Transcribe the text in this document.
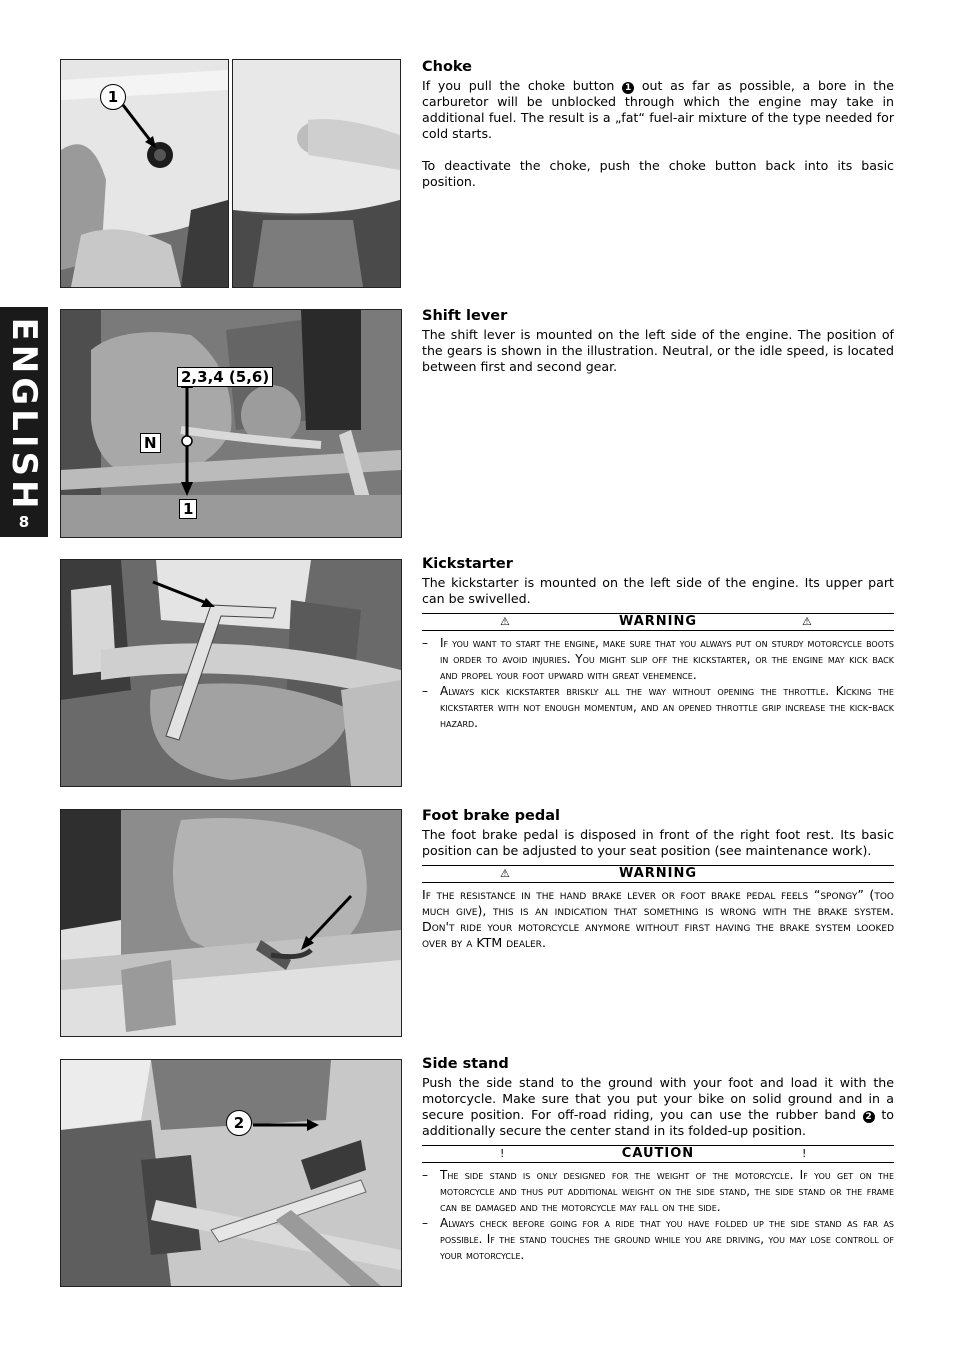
ENGLISH
8
1
2,3,4 (5,6)
N
1
2
Choke

If you pull the choke button 1 out as far as possible, a bore in the carburetor will be unblocked through which the engine may take in additional fuel. The result is a „fat“ fuel-air mixture of the type needed for cold starts.

To deactivate the choke, push the choke button back into its basic position.

Shift lever

The shift lever is mounted on the left side of the engine. The position of the gears is shown in the illustration. Neutral, or the idle speed, is located between first and second gear.

Kickstarter

The kickstarter is mounted on the left side of the engine. Its upper part can be swivelled.

⚠	WARNING	⚠
– If you want to start the engine, make sure that you always put on sturdy motorcycle boots in order to avoid injuries. You might slip off the kickstarter, or the engine may kick back and propel your foot upward with great vehemence.
– Always kick kickstarter briskly all the way without opening the throttle. Kicking the kickstarter with not enough momentum, and an opened throttle grip increase the kick-back hazard.
Foot brake pedal

The foot brake pedal is disposed in front of the right foot rest. Its basic position can be adjusted to your seat position (see maintenance work).

⚠	WARNING

If the resistance in the hand brake lever or foot brake pedal feels “spongy” (too much give), this is an indication that something is wrong with the brake system. Don't ride your motorcycle anymore without first having the brake system looked over by a KTM dealer.

Side stand

Push the side stand to the ground with your foot and load it with the motorcycle. Make sure that you put your bike on solid ground and in a secure position. For off-road riding, you can use the rubber band 2 to additionally secure the center stand in its folded-up position.

!	CAUTION	!
– The side stand is only designed for the weight of the motorcycle. If you get on the motorcycle and thus put additional weight on the side stand, the side stand or the frame can be damaged and the motorcycle may fall on the side.
– Always check before going for a ride that you have folded up the side stand as far as possible. If the stand touches the ground while you are driving, you may lose controll of your motorcycle.
